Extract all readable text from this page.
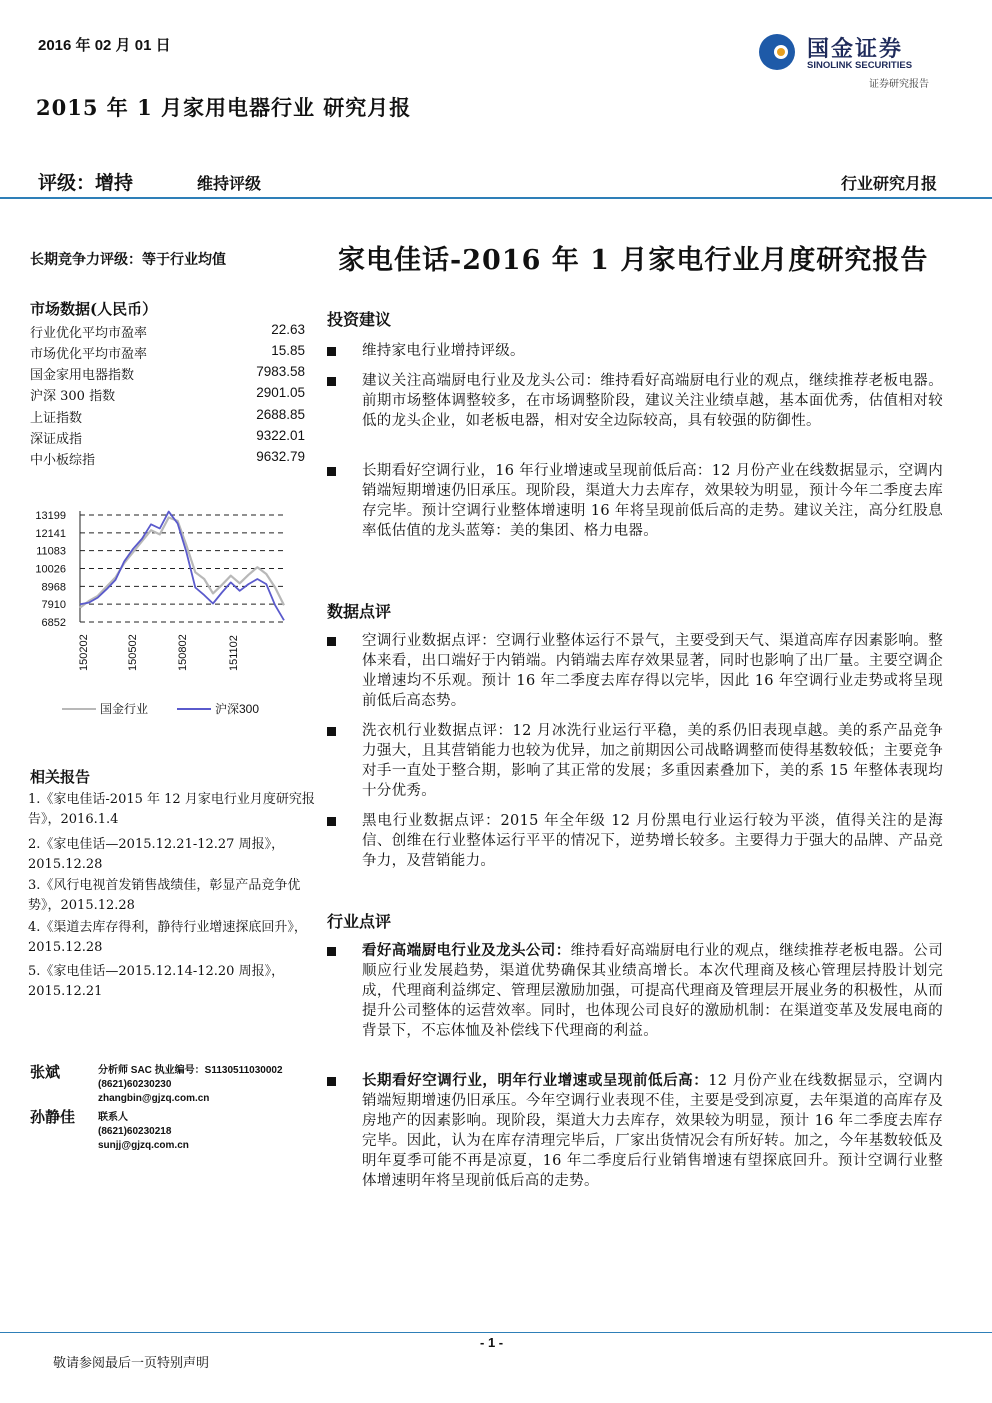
2016 年 02 月 01 日
2015 年 1 月家用电器行业 研究月报
国金证券
SINOLINK SECURITIES
证券研究报告
评级：增持	维持评级	行业研究月报
长期竞争力评级：等于行业均值
市场数据(人民币）
行业优化平均市盈率	22.63
市场优化平均市盈率	15.85
国金家用电器指数	7983.58
沪深 300 指数	2901.05
上证指数	2688.85
深证成指	9322.01
中小板综指	9632.79
13199
12141
11083
10026
8968
7910
6852
150202	150502	150802	151102
国金行业	沪深300
相关报告
1.《家电佳话-2015 年 12 月家电行业月度研究报告》，2016.1.4
2.《家电佳话—2015.12.21-12.27 周报》，2015.12.28
3.《风行电视首发销售战绩佳，彰显产品竞争优势》，2015.12.28
4.《渠道去库存得利，静待行业增速探底回升》，2015.12.28
5.《家电佳话—2015.12.14-12.20 周报》，2015.12.21
张斌	分析师 SAC 执业编号：S1130511030002
(8621)60230230
zhangbin@gjzq.com.cn
孙静佳 联系人
(8621)60230218
sunjj@gjzq.com.cn
家电佳话-2016 年 1 月家电行业月度研究报告
投资建议
维持家电行业增持评级。
建议关注高端厨电行业及龙头公司：维持看好高端厨电行业的观点，继续推荐老板电器。前期市场整体调整较多，在市场调整阶段，建议关注业绩卓越，基本面优秀，估值相对较低的龙头企业，如老板电器，相对安全边际较高，具有较强的防御性。
长期看好空调行业，16 年行业增速或呈现前低后高：12 月份产业在线数据显示，空调内销端短期增速仍旧承压。现阶段，渠道大力去库存，效果较为明显，预计今年二季度去库存完毕。预计空调行业整体增速明 16 年将呈现前低后高的走势。建议关注，高分红股息率低估值的龙头蓝筹：美的集团、格力电器。
数据点评
空调行业数据点评：空调行业整体运行不景气，主要受到天气、渠道高库存因素影响。整体来看，出口端好于内销端。内销端去库存效果显著，同时也影响了出厂量。主要空调企业增速均不乐观。预计 16 年二季度去库存得以完毕，因此 16 年空调行业走势或将呈现前低后高态势。
洗衣机行业数据点评：12 月冰洗行业运行平稳，美的系仍旧表现卓越。美的系产品竞争力强大，且其营销能力也较为优异，加之前期因公司战略调整而使得基数较低；主要竞争对手一直处于整合期，影响了其正常的发展；多重因素叠加下，美的系 15 年整体表现均十分优秀。
黑电行业数据点评：2015 年全年级 12 月份黑电行业运行较为平淡，值得关注的是海信、创维在行业整体运行平平的情况下，逆势增长较多。主要得力于强大的品牌、产品竞争力，及营销能力。
行业点评
看好高端厨电行业及龙头公司：维持看好高端厨电行业的观点，继续推荐老板电器。公司顺应行业发展趋势，渠道优势确保其业绩高增长。本次代理商及核心管理层持股计划完成，代理商利益绑定、管理层激励加强，可提高代理商及管理层开展业务的积极性，从而提升公司整体的运营效率。同时，也体现公司良好的激励机制：在渠道变革及发展电商的背景下，不忘体恤及补偿线下代理商的利益。
长期看好空调行业，明年行业增速或呈现前低后高：12 月份产业在线数据显示，空调内销端短期增速仍旧承压。今年空调行业表现不佳，主要是受到凉夏，去年渠道的高库存及房地产的因素影响。现阶段，渠道大力去库存，效果较为明显，预计 16 年二季度去库存完毕。因此，认为在库存清理完毕后，厂家出货情况会有所好转。加之，今年基数较低及明年夏季可能不再是凉夏，16 年二季度后行业销售增速有望探底回升。预计空调行业整体增速明年将呈现前低后高的走势。
- 1 -
敬请参阅最后一页特别声明
